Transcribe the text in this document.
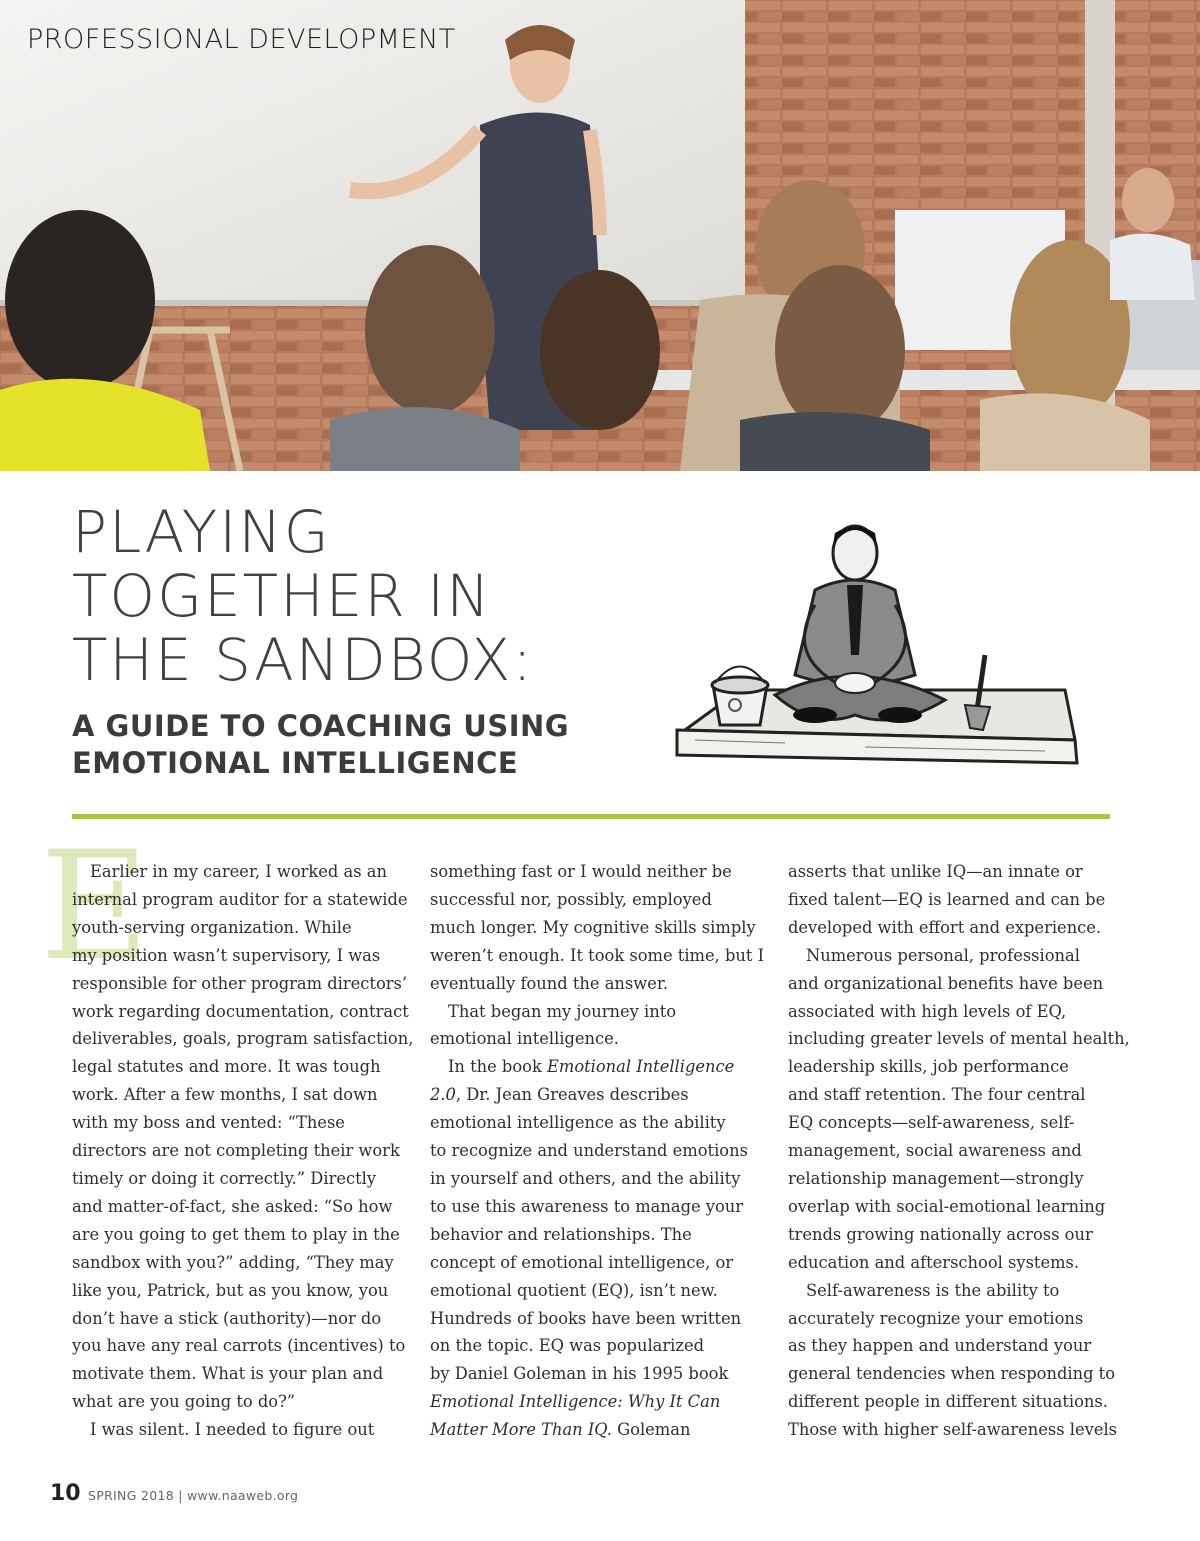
PROFESSIONAL DEVELOPMENT
PLAYING
TOGETHER IN
THE SANDBOX:
A GUIDE TO COACHING USING
EMOTIONAL INTELLIGENCE
E
Earlier in my career, I worked as an
internal program auditor for a statewide
youth-serving organization. While
my position wasn’t supervisory, I was
responsible for other program directors’
work regarding documentation, contract
deliverables, goals, program satisfaction,
legal statutes and more. It was tough
work. After a few months, I sat down
with my boss and vented: “These
directors are not completing their work
timely or doing it correctly.” Directly
and matter-of-fact, she asked: “So how
are you going to get them to play in the
sandbox with you?” adding, “They may
like you, Patrick, but as you know, you
don’t have a stick (authority)—nor do
you have any real carrots (incentives) to
motivate them. What is your plan and
what are you going to do?”
I was silent. I needed to figure out
something fast or I would neither be
successful nor, possibly, employed
much longer. My cognitive skills simply
weren’t enough. It took some time, but I
eventually found the answer.
That began my journey into
emotional intelligence.
In the book Emotional Intelligence
2.0, Dr. Jean Greaves describes
emotional intelligence as the ability
to recognize and understand emotions
in yourself and others, and the ability
to use this awareness to manage your
behavior and relationships. The
concept of emotional intelligence, or
emotional quotient (EQ), isn’t new.
Hundreds of books have been written
on the topic. EQ was popularized
by Daniel Goleman in his 1995 book
Emotional Intelligence: Why It Can
Matter More Than IQ. Goleman
asserts that unlike IQ—an innate or
fixed talent—EQ is learned and can be
developed with effort and experience.
Numerous personal, professional
and organizational benefits have been
associated with high levels of EQ,
including greater levels of mental health,
leadership skills, job performance
and staff retention. The four central
EQ concepts—self-awareness, self-
management, social awareness and
relationship management—strongly
overlap with social-emotional learning
trends growing nationally across our
education and afterschool systems.
Self-awareness is the ability to
accurately recognize your emotions
as they happen and understand your
general tendencies when responding to
different people in different situations.
Those with higher self-awareness levels
10 SPRING 2018 | www.naaweb.org
